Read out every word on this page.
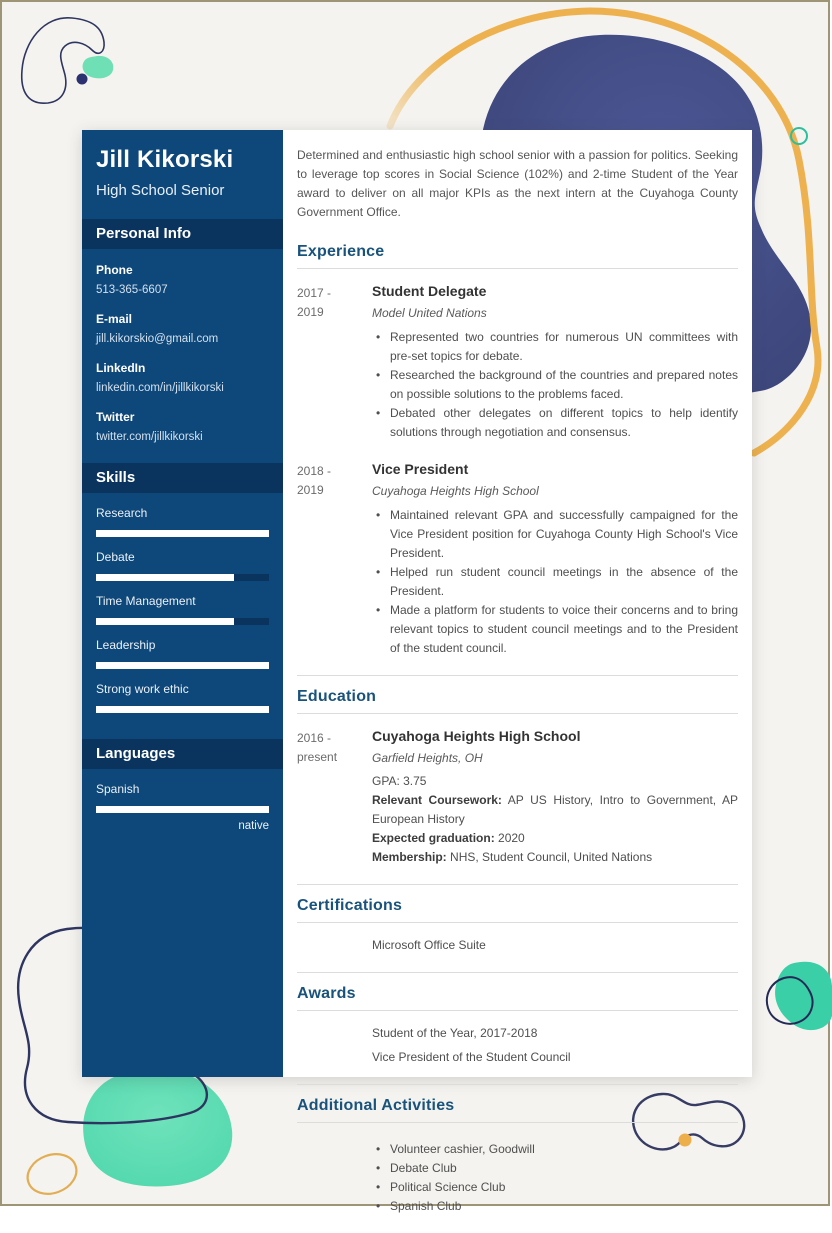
Jill Kikorski
High School Senior
Personal Info
Phone
513-365-6607
E-mail
jill.kikorskio@gmail.com
LinkedIn
linkedin.com/in/jillkikorski
Twitter
twitter.com/jillkikorski
Skills
Research
Debate
Time Management
Leadership
Strong work ethic
Languages
Spanish
native

Determined and enthusiastic high school senior with a passion for politics. Seeking to leverage top scores in Social Science (102%) and 2-time Student of the Year award to deliver on all major KPIs as the next intern at the Cuyahoga County Government Office.

Experience
2017 -
2019
Student Delegate
Model United Nations
• Represented two countries for numerous UN committees with pre-set topics for debate.
• Researched the background of the countries and prepared notes on possible solutions to the problems faced.
• Debated other delegates on different topics to help identify solutions through negotiation and consensus.
2018 -
2019
Vice President
Cuyahoga Heights High School
• Maintained relevant GPA and successfully campaigned for the Vice President position for Cuyahoga County High School's Vice President.
• Helped run student council meetings in the absence of the President.
• Made a platform for students to voice their concerns and to bring relevant topics to student council meetings and to the President of the student council.
Education
2016 -
present
Cuyahoga Heights High School
Garfield Heights, OH

GPA: 3.75

Relevant Coursework: AP US History, Intro to Government, AP European History

Expected graduation: 2020

Membership: NHS, Student Council, United Nations

Certifications

Microsoft Office Suite

Awards

Student of the Year, 2017-2018

Vice President of the Student Council

Additional Activities
• Volunteer cashier, Goodwill
• Debate Club
• Political Science Club
• Spanish Club
